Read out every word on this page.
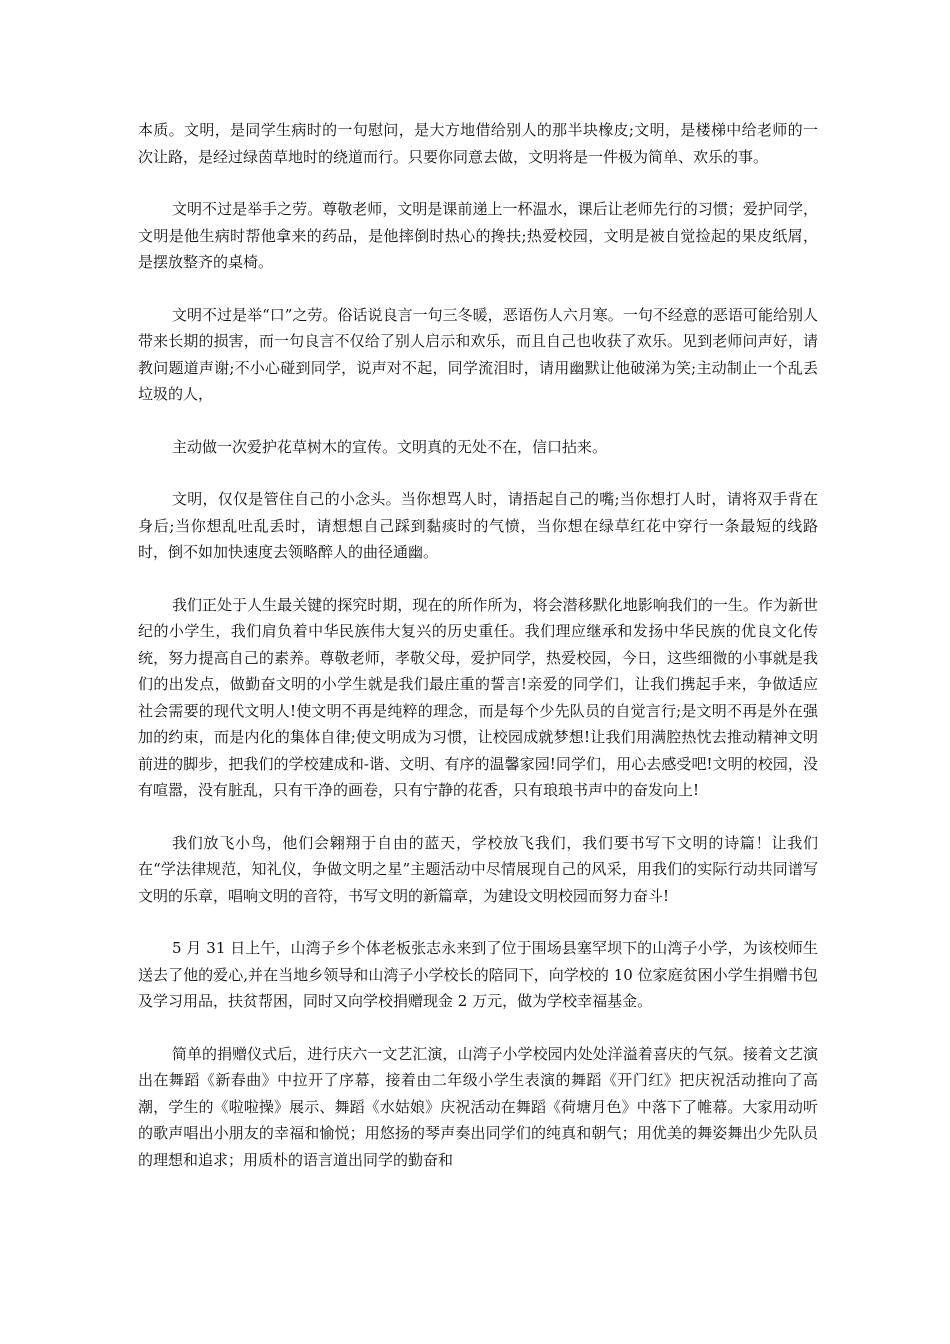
本质。文明，是同学生病时的一句慰问，是大方地借给别人的那半块橡皮;文明，是楼梯中给老师的一次让路，是经过绿茵草地时的绕道而行。只要你同意去做，文明将是一件极为简单、欢乐的事。

文明不过是举手之劳。尊敬老师，文明是课前递上一杯温水，课后让老师先行的习惯；爱护同学，文明是他生病时帮他拿来的药品，是他摔倒时热心的搀扶;热爱校园，文明是被自觉捡起的果皮纸屑，是摆放整齐的桌椅。

文明不过是举“口”之劳。俗话说良言一句三冬暖，恶语伤人六月寒。一句不经意的恶语可能给别人带来长期的损害，而一句良言不仅给了别人启示和欢乐，而且自己也收获了欢乐。见到老师问声好，请教问题道声谢;不小心碰到同学，说声对不起，同学流泪时，请用幽默让他破涕为笑;主动制止一个乱丢垃圾的人，

主动做一次爱护花草树木的宣传。文明真的无处不在，信口拈来。

文明，仅仅是管住自己的小念头。当你想骂人时，请捂起自己的嘴;当你想打人时，请将双手背在身后;当你想乱吐乱丢时，请想想自己踩到黏痰时的气愤，当你想在绿草红花中穿行一条最短的线路时，倒不如加快速度去领略醉人的曲径通幽。

我们正处于人生最关键的探究时期，现在的所作所为，将会潜移默化地影响我们的一生。作为新世纪的小学生，我们肩负着中华民族伟大复兴的历史重任。我们理应继承和发扬中华民族的优良文化传统，努力提高自己的素养。尊敬老师，孝敬父母，爱护同学，热爱校园，今日，这些细微的小事就是我们的出发点，做勤奋文明的小学生就是我们最庄重的誓言!亲爱的同学们，让我们携起手来，争做适应社会需要的现代文明人!使文明不再是纯粹的理念，而是每个少先队员的自觉言行;是文明不再是外在强加的约束，而是内化的集体自律;使文明成为习惯，让校园成就梦想!让我们用满腔热忱去推动精神文明前进的脚步，把我们的学校建成和-谐、文明、有序的温馨家园!同学们，用心去感受吧!文明的校园，没有喧嚣，没有脏乱，只有干净的画卷，只有宁静的花香，只有琅琅书声中的奋发向上!

我们放飞小鸟，他们会翱翔于自由的蓝天，学校放飞我们，我们要书写下文明的诗篇！让我们在“学法律规范，知礼仪，争做文明之星”主题活动中尽情展现自己的风采，用我们的实际行动共同谱写文明的乐章，唱响文明的音符，书写文明的新篇章，为建设文明校园而努力奋斗!

5 月 31 日上午，山湾子乡个体老板张志永来到了位于围场县塞罕坝下的山湾子小学，为该校师生送去了他的爱心,并在当地乡领导和山湾子小学校长的陪同下，向学校的 10 位家庭贫困小学生捐赠书包及学习用品，扶贫帮困，同时又向学校捐赠现金 2 万元，做为学校幸福基金。

简单的捐赠仪式后，进行庆六一文艺汇演，山湾子小学校园内处处洋溢着喜庆的气氛。接着文艺演出在舞蹈《新春曲》中拉开了序幕，接着由二年级小学生表演的舞蹈《开门红》把庆祝活动推向了高潮，学生的《啦啦操》展示、舞蹈《水姑娘》庆祝活动在舞蹈《荷塘月色》中落下了帷幕。大家用动听的歌声唱出小朋友的幸福和愉悦；用悠扬的琴声奏出同学们的纯真和朝气；用优美的舞姿舞出少先队员的理想和追求；用质朴的语言道出同学的勤奋和
